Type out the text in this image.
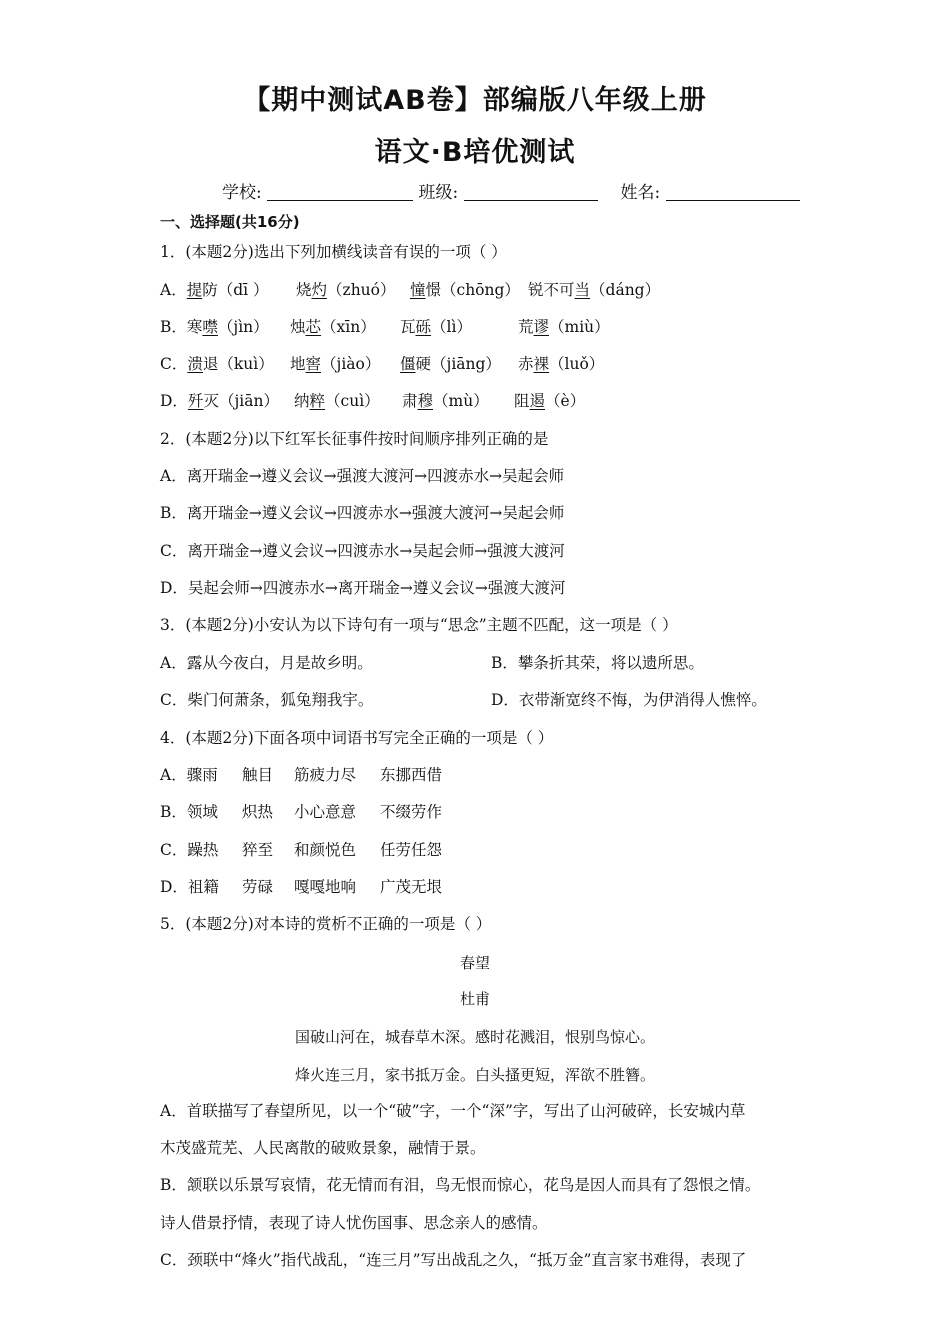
【期中测试AB卷】部编版八年级上册
语文·B培优测试
学校:	班级:	姓名:
一、选择题(共16分)
1．(本题2分)选出下列加横线读音有误的一项（ ）
A．提防（dī ） 烧灼（zhuó） 憧憬（chōng） 锐不可当（dáng）
B．寒噤（jìn） 烛芯（xīn） 瓦砾（lì）	荒谬（miù）
C．溃退（kuì） 地窖（jiào） 僵硬（jiāng） 赤裸（luǒ）
D．歼灭（jiān） 纳粹（cuì） 肃穆（mù） 阻遏（è）
2．(本题2分)以下红军长征事件按时间顺序排列正确的是
A．离开瑞金→遵义会议→强渡大渡河→四渡赤水→吴起会师
B．离开瑞金→遵义会议→四渡赤水→强渡大渡河→吴起会师
C．离开瑞金→遵义会议→四渡赤水→吴起会师→强渡大渡河
D．吴起会师→四渡赤水→离开瑞金→遵义会议→强渡大渡河
3．(本题2分)小安认为以下诗句有一项与“思念”主题不匹配，这一项是（ ）
A．露从今夜白，月是故乡明。	B．攀条折其荣，将以遗所思。
C．柴门何萧条，狐兔翔我宇。	D．衣带渐宽终不悔，为伊消得人憔悴。
4．(本题2分)下面各项中词语书写完全正确的一项是（ ）
A．骤雨 触目 筋疲力尽 东挪西借
B．领域 炽热 小心意意 不缀劳作
C．躁热 猝至 和颜悦色 任劳任怨
D．祖籍 劳碌 嘎嘎地响 广茂无垠
5．(本题2分)对本诗的赏析不正确的一项是（ ）
春望
杜甫
国破山河在，城春草木深。感时花溅泪，恨别鸟惊心。
烽火连三月，家书抵万金。白头搔更短，浑欲不胜簪。
A．首联描写了春望所见，以一个“破”字，一个“深”字，写出了山河破碎，长安城内草
木茂盛荒芜、人民离散的破败景象，融情于景。
B．颔联以乐景写哀情，花无情而有泪，鸟无恨而惊心，花鸟是因人而具有了怨恨之情。
诗人借景抒情，表现了诗人忧伤国事、思念亲人的感情。
C．颈联中“烽火”指代战乱，“连三月”写出战乱之久，“抵万金”直言家书难得，表现了
